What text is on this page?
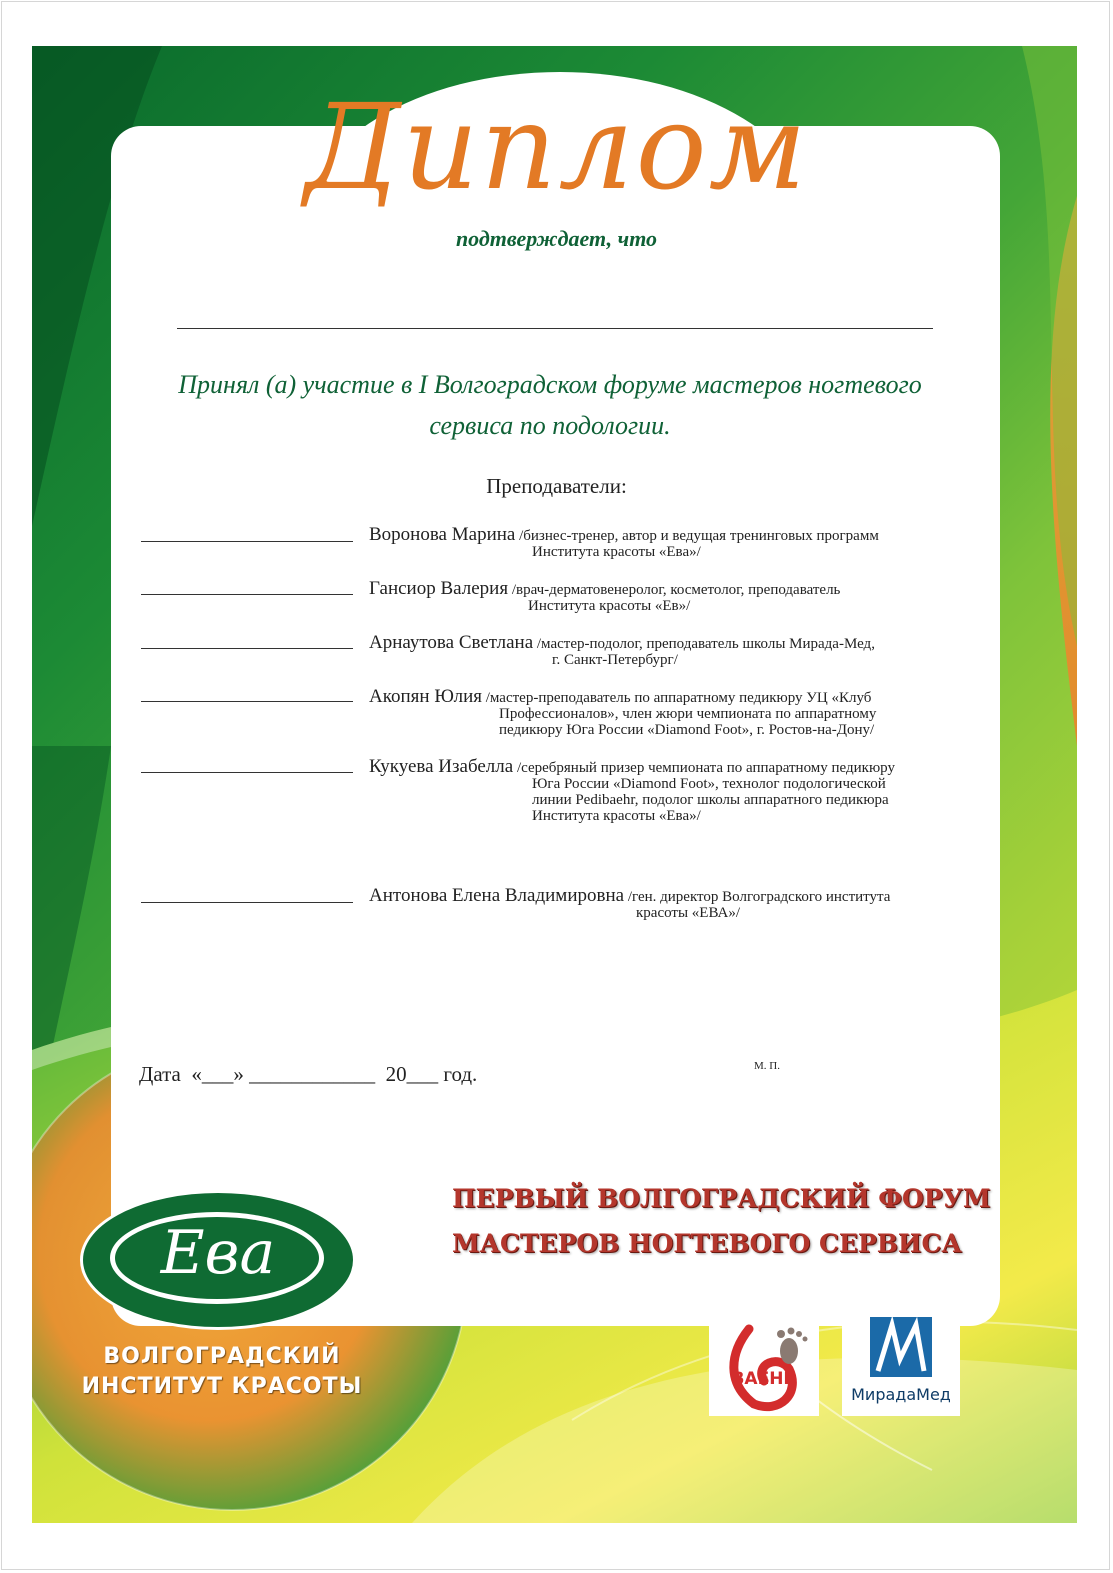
Диплом
подтверждает, что
Принял (а) участие в I Волгоградском форуме мастеров ногтевого
сервиса по подологии.
Преподаватели:
Воронова Марина /бизнес-тренер, автор и ведущая тренинговых программ
Института красоты «Ева»/
Гансиор Валерия /врач-дерматовенеролог, косметолог, преподаватель
Института красоты «Ев»/
Арнаутова Светлана /мастер-подолог, преподаватель школы Мирада-Мед,
г. Санкт-Петербург/
Акопян Юлия /мастер-преподаватель по аппаратному педикюру УЦ «Клуб
Профессионалов», член жюри чемпионата по аппаратному
педикюру Юга России «Diamond Foot», г. Ростов-на-Дону/
Кукуева Изабелла /серебряный призер чемпионата по аппаратному педикюру
Юга России «Diamond Foot», технолог подологической
линии Pedibaehr, подолог школы аппаратного педикюра
Института красоты «Ева»/
Антонова Елена Владимировна /ген. директор Волгоградского института
красоты «ЕВА»/
Дата  «___» ____________  20___ год.	М. П.
ПЕРВЫЙ ВОЛГОГРАДСКИЙ ФОРУМ
МАСТЕРОВ НОГТЕВОГО СЕРВИСА
Ева
ВОЛГОГРАДСКИЙ
ИНСТИТУТ КРАСОТЫ	BAEHR
МирадаМед
